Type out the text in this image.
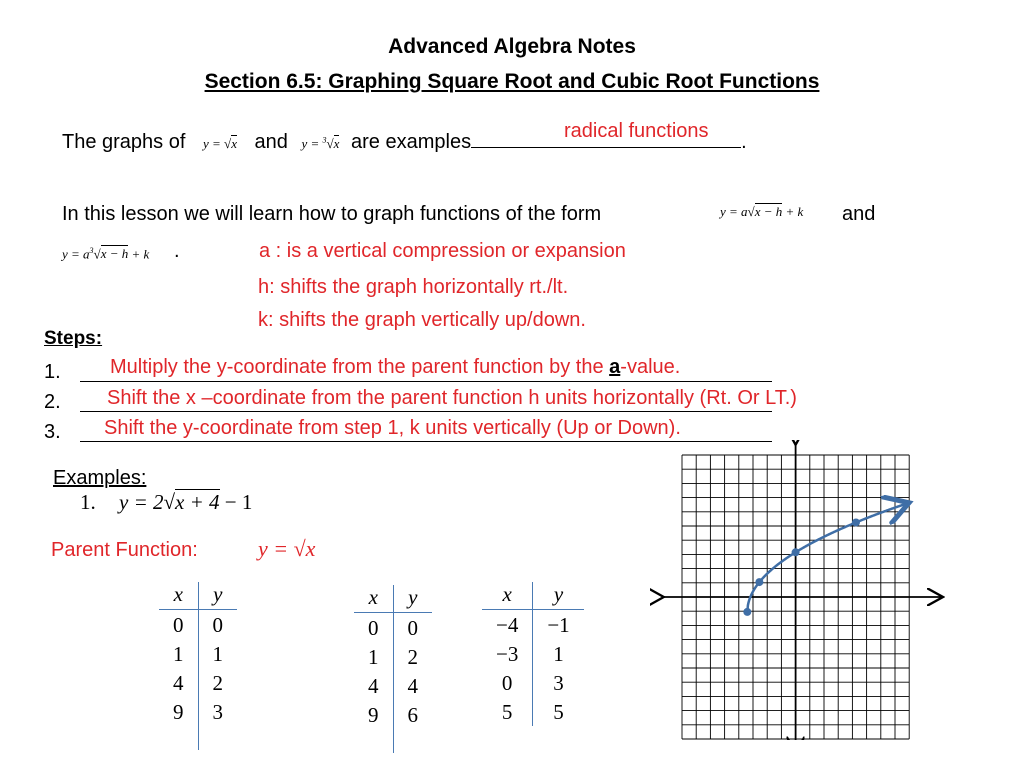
Advanced Algebra Notes
Section 6.5: Graphing Square Root and Cubic Root Functions
The graphs of y = √x and y = $^3$√x are examples	.
radical functions
In this lesson we will learn how to graph functions of the form	y = a√x − h + k and
$y = a^3√x - h + k$ .	a : is a vertical compression or expansion
h: shifts the graph horizontally rt./lt.
k: shifts the graph vertically up/down.
Steps:
1. Multiply the y-coordinate from the parent function by the a-value.
2. Shift the x –coordinate from the parent function h units horizontally (Rt. Or LT.)
3. Shift the y-coordinate from step 1, k units vertically (Up or Down).
Examples:
1. y = 2√x + 4 − 1
Parent Function:	y = √x
x	y
0	0
1	1
4	2
9	3

x	y
0	0
1	2
4	4
9	6

x	y
−4	−1
−3	1
0	3
5	5
